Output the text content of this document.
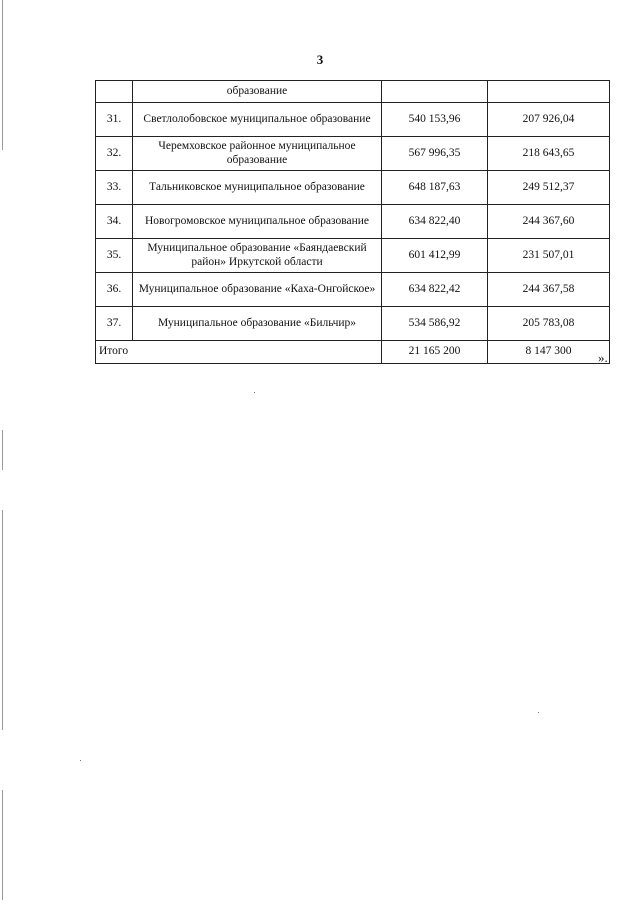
3
	образование		
31.	Светлолобовское муниципальное образование	540 153,96	207 926,04
32.	Черемховское районное муниципальное образование	567 996,35	218 643,65
33.	Тальниковское муниципальное образование	648 187,63	249 512,37
34.	Новогромовское муниципальное образование	634 822,40	244 367,60
35.	Муниципальное образование «Баяндаевский район» Иркутской области	601 412,99	231 507,01
36.	Муниципальное образование «Каха-Онгойское»	634 822,42	244 367,58
37.	Муниципальное образование «Бильчир»	534 586,92	205 783,08
Итого		21 165 200	8 147 300 ».
